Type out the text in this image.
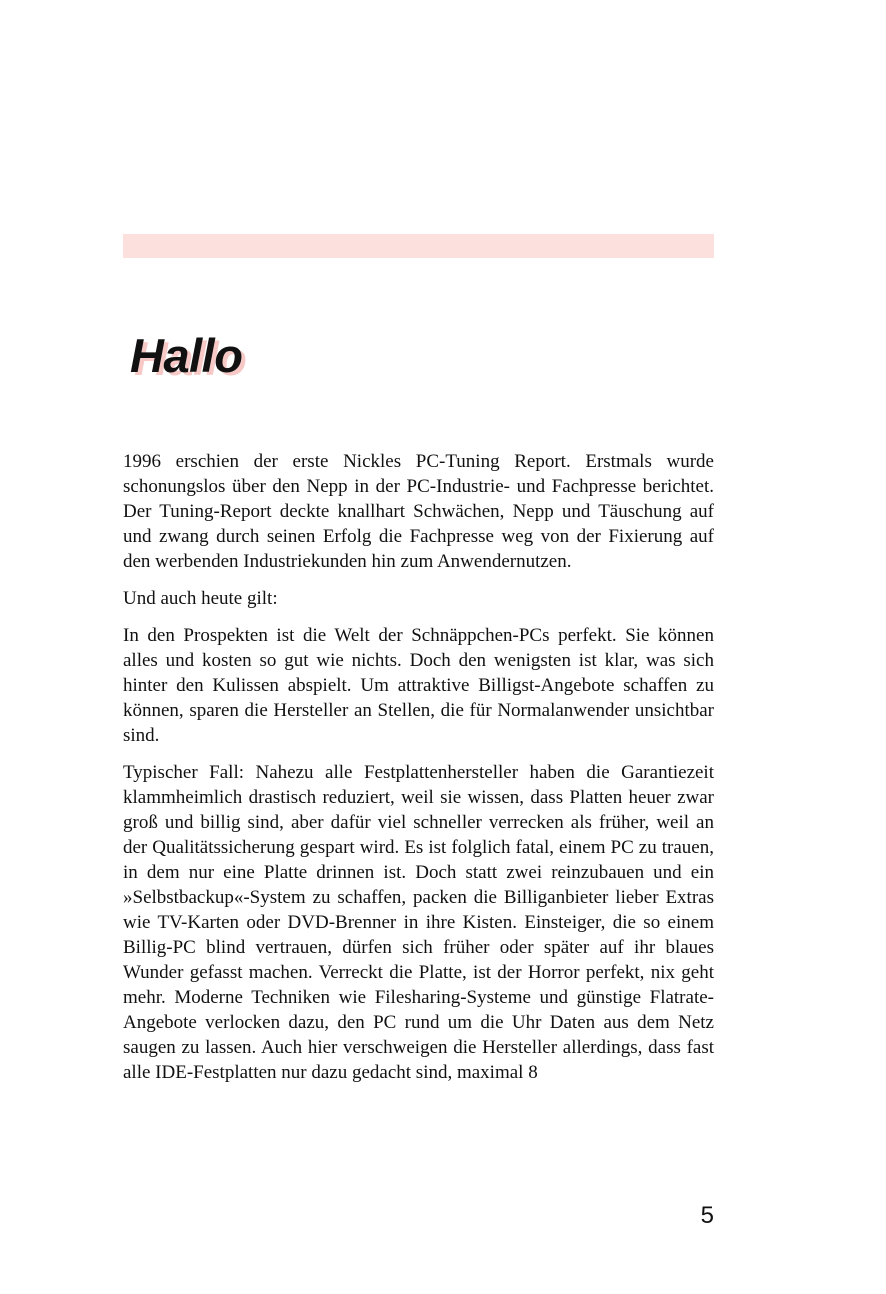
Hallo

1996 erschien der erste Nickles PC-Tuning Report. Erstmals wurde schonungslos über den Nepp in der PC-Industrie- und Fachpresse berichtet. Der Tuning-Report deckte knallhart Schwächen, Nepp und Täuschung auf und zwang durch seinen Erfolg die Fachpresse weg von der Fixierung auf den werbenden Industriekunden hin zum Anwendernutzen.

Und auch heute gilt:

In den Prospekten ist die Welt der Schnäppchen-PCs perfekt. Sie können alles und kosten so gut wie nichts. Doch den wenigsten ist klar, was sich hinter den Kulissen abspielt. Um attraktive Billigst-Angebote schaffen zu können, sparen die Hersteller an Stellen, die für Normalanwender unsichtbar sind.

Typischer Fall: Nahezu alle Festplattenhersteller haben die Garantiezeit klammheimlich drastisch reduziert, weil sie wissen, dass Platten heuer zwar groß und billig sind, aber dafür viel schneller verrecken als früher, weil an der Qualitätssicherung gespart wird. Es ist folglich fatal, einem PC zu trauen, in dem nur eine Platte drinnen ist. Doch statt zwei reinzubauen und ein »Selbstbackup«-System zu schaffen, packen die Billiganbieter lieber Extras wie TV-Karten oder DVD-Brenner in ihre Kisten. Einsteiger, die so einem Billig-PC blind vertrauen, dürfen sich früher oder später auf ihr blaues Wunder gefasst machen. Verreckt die Platte, ist der Horror perfekt, nix geht mehr. Moderne Techniken wie Filesharing-Systeme und günstige Flatrate-Angebote verlocken dazu, den PC rund um die Uhr Daten aus dem Netz saugen zu lassen. Auch hier verschweigen die Hersteller allerdings, dass fast alle IDE-Festplatten nur dazu gedacht sind, maximal 8

5
